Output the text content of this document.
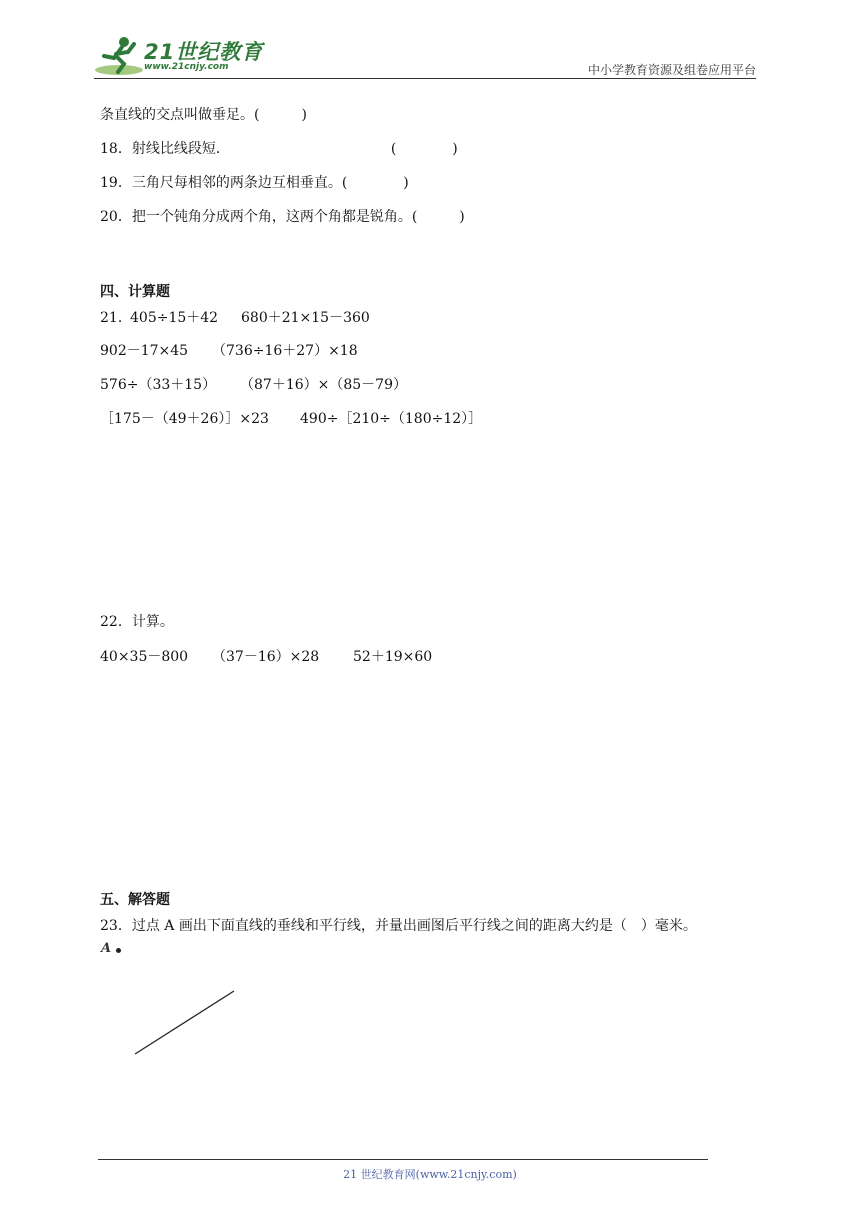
21世纪教育
www.21cnjy.com	中小学教育资源及组卷应用平台
条直线的交点叫做垂足。(　　　)
18．射线比线段短．　　　　　　　　　　　　(　　　　)
19．三角尺每相邻的两条边互相垂直。(　　　　)
20．把一个钝角分成两个角，这两个角都是锐角。(　　　)
四、计算题
21．
405÷15＋42 680＋21×15－360
902－17×45 （736÷16＋27）×18
576÷（33＋15） （87＋16）×（85－79）
［175－（49＋26）］×23 490÷［210÷（180÷12）］
22．计算。
40×35－800 （37－16）×28 52＋19×60
五、解答题
23．过点 A 画出下面直线的垂线和平行线，并量出画图后平行线之间的距离大约是（　）毫米。
A
21 世纪教育网(www.21cnjy.com)
